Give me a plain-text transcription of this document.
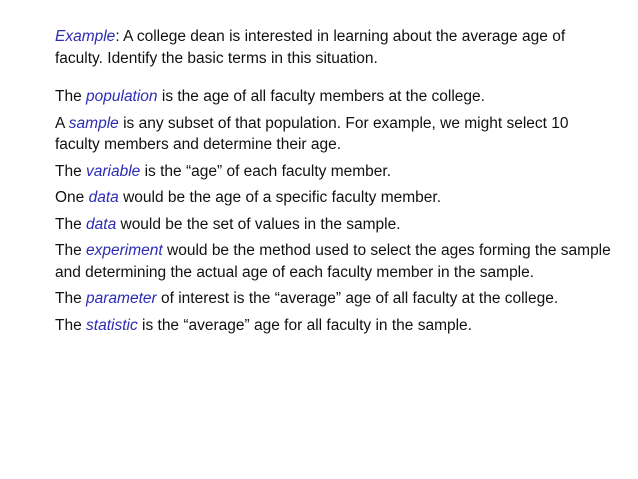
Example: A college dean is interested in learning about the average age of faculty. Identify the basic terms in this situation.

The population is the age of all faculty members at the college.

A sample is any subset of that population. For example, we might select 10 faculty members and determine their age.

The variable is the “age” of each faculty member.

One data would be the age of a specific faculty member.

The data would be the set of values in the sample.

The experiment would be the method used to select the ages forming the sample and determining the actual age of each faculty member in the sample.

The parameter of interest is the “average” age of all faculty at the college.

The statistic is the “average” age for all faculty in the sample.
